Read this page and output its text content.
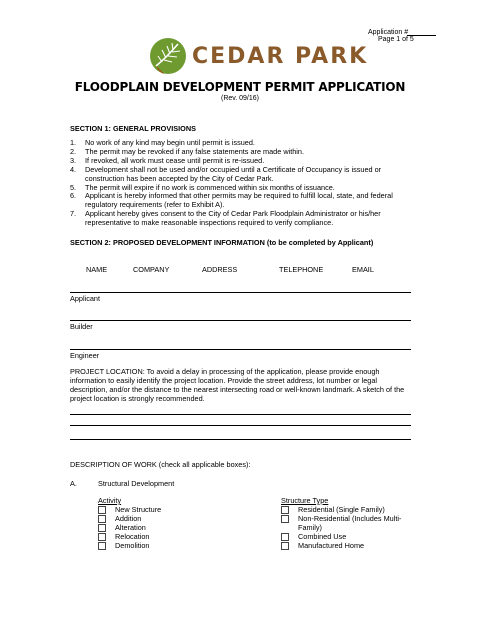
Application #
Page 1 of 5
CEDAR PARK
FLOODPLAIN DEVELOPMENT PERMIT APPLICATION
(Rev. 09/16)
SECTION 1: GENERAL PROVISIONS
1. No work of any kind may begin until permit is issued.
2. The permit may be revoked if any false statements are made within.
3. If revoked, all work must cease until permit is re-issued.
4. Development shall not be used and/or occupied until a Certificate of Occupancy is issued or construction has been accepted by the City of Cedar Park.
5. The permit will expire if no work is commenced within six months of issuance.
6. Applicant is hereby informed that other permits may be required to fulfill local, state, and federal regulatory requirements (refer to Exhibit A).
7. Applicant hereby gives consent to the City of Cedar Park Floodplain Administrator or his/her representative to make reasonable inspections required to verify compliance.
SECTION 2: PROPOSED DEVELOPMENT INFORMATION (to be completed by Applicant)
NAME	COMPANY	ADDRESS	TELEPHONE	EMAIL
Applicant
Builder
Engineer
PROJECT LOCATION: To avoid a delay in processing of the application, please provide enough information to easily identify the project location. Provide the street address, lot number or legal description, and/or the distance to the nearest intersecting road or well-known landmark. A sketch of the project location is strongly recommended.
DESCRIPTION OF WORK (check all applicable boxes):
A.	Structural Development
Activity
New Structure
Addition
Alteration
Relocation
Demolition
Structure Type
Residential (Single Family)
Non-Residential (Includes Multi-Family)
Combined Use
Manufactured Home
